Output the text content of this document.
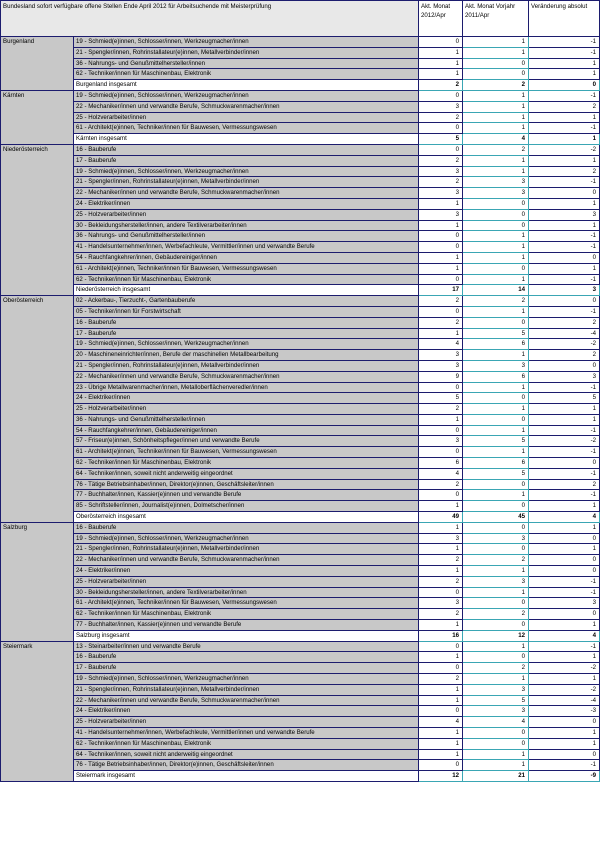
Bundesland sofort verfügbare offene Stellen Ende April 2012 für Arbeitsuchende mit Meisterprüfung		Akt. Monat 2012/Apr	Akt. Monat Vorjahr 2011/Apr	Veränderung absolut
Burgenland	19 - Schmied(e)innen, Schlosser/innen, Werkzeugmacher/innen	0	1	-1
	21 - Spengler/innen, Rohrinstallateur(e)innen, Metallverbinder/innen	1	1	-1
	36 - Nahrungs- und Genußmittelhersteller/innen	1	0	1
	62 - Techniker/innen für Maschinenbau, Elektronik	1	0	1
	Burgenland insgesamt	2	2	0
Kärnten	19 - Schmied(e)innen, Schlosser/innen, Werkzeugmacher/innen	0	1	-1
	22 - Mechaniker/innen und verwandte Berufe, Schmuckwarenmacher/innen	3	1	2
	25 - Holzverarbeiter/innen	2	1	1
	61 - Architekt(e)innen, Techniker/innen für Bauwesen, Vermessungswesen	0	1	-1
	Kärnten insgesamt	5	4	1
Niederösterreich	16 - Bauberufe	0	2	-2
	17 - Bauberufe	2	1	1
	19 - Schmied(e)innen, Schlosser/innen, Werkzeugmacher/innen	3	1	2
	21 - Spengler/innen, Rohrinstallateur(e)innen, Metallverbinder/innen	2	3	-1
	22 - Mechaniker/innen und verwandte Berufe, Schmuckwarenmacher/innen	3	3	0
	24 - Elektriker/innen	1	0	1
	25 - Holzverarbeiter/innen	3	0	3
	30 - Bekleidungshersteller/innen, andere Textilverarbeiter/innen	1	0	1
	36 - Nahrungs- und Genußmittelhersteller/innen	0	1	-1
	41 - Handelsunternehmer/innen, Werbefachleute, Vermittler/innen und verwandte Berufe	0	1	-1
	54 - Rauchfangkehrer/innen, Gebäudereiniger/innen	1	1	0
	61 - Architekt(e)innen, Techniker/innen für Bauwesen, Vermessungswesen	1	0	1
	62 - Techniker/innen für Maschinenbau, Elektronik	0	1	-1
	Niederösterreich insgesamt	17	14	3
Oberösterreich	02 - Ackerbau-, Tierzucht-, Gartenbauberufe	2	2	0
	05 - Techniker/innen für Forstwirtschaft	0	1	-1
	16 - Bauberufe	2	0	2
	17 - Bauberufe	1	5	-4
	19 - Schmied(e)innen, Schlosser/innen, Werkzeugmacher/innen	4	6	-2
	20 - Maschineneinrichter/innen, Berufe der maschinellen Metallbearbeitung	3	1	2
	21 - Spengler/innen, Rohrinstallateur(e)innen, Metallverbinder/innen	3	3	0
	22 - Mechaniker/innen und verwandte Berufe, Schmuckwarenmacher/innen	9	6	3
	23 - Übrige Metallwarenmacher/innen, Metalloberflächenveredler/innen	0	1	-1
	24 - Elektriker/innen	5	0	5
	25 - Holzverarbeiter/innen	2	1	1
	36 - Nahrungs- und Genußmittelhersteller/innen	1	0	1
	54 - Rauchfangkehrer/innen, Gebäudereiniger/innen	0	1	-1
	57 - Friseur(e)innen, Schönheitspfleger/innen und verwandte Berufe	3	5	-2
	61 - Architekt(e)innen, Techniker/innen für Bauwesen, Vermessungswesen	0	1	-1
	62 - Techniker/innen für Maschinenbau, Elektronik	6	6	0
	64 - Techniker/innen, soweit nicht anderweitig eingeordnet	4	5	-1
	76 - Tätige Betriebsinhaber/innen, Direktor(e)innen, Geschäftsleiter/innen	2	0	2
	77 - Buchhalter/innen, Kassier(e)innen und verwandte Berufe	0	1	-1
	85 - Schriftsteller/innen, Journalist(e)innen, Dolmetscher/innen	1	0	1
	Oberösterreich insgesamt	49	45	4
Salzburg	16 - Bauberufe	1	0	1
	19 - Schmied(e)innen, Schlosser/innen, Werkzeugmacher/innen	3	3	0
	21 - Spengler/innen, Rohrinstallateur(e)innen, Metallverbinder/innen	1	0	1
	22 - Mechaniker/innen und verwandte Berufe, Schmuckwarenmacher/innen	2	2	0
	24 - Elektriker/innen	1	1	0
	25 - Holzverarbeiter/innen	2	3	-1
	30 - Bekleidungshersteller/innen, andere Textilverarbeiter/innen	0	1	-1
	61 - Architekt(e)innen, Techniker/innen für Bauwesen, Vermessungswesen	3	0	3
	62 - Techniker/innen für Maschinenbau, Elektronik	2	2	0
	77 - Buchhalter/innen, Kassier(e)innen und verwandte Berufe	1	0	1
	Salzburg insgesamt	16	12	4
Steiermark	13 - Steinarbeiter/innen und verwandte Berufe	0	1	-1
	16 - Bauberufe	1	0	1
	17 - Bauberufe	0	2	-2
	19 - Schmied(e)innen, Schlosser/innen, Werkzeugmacher/innen	2	1	1
	21 - Spengler/innen, Rohrinstallateur(e)innen, Metallverbinder/innen	1	3	-2
	22 - Mechaniker/innen und verwandte Berufe, Schmuckwarenmacher/innen	1	5	-4
	24 - Elektriker/innen	0	3	-3
	25 - Holzverarbeiter/innen	4	4	0
	41 - Handelsunternehmer/innen, Werbefachleute, Vermittler/innen und verwandte Berufe	1	0	1
	62 - Techniker/innen für Maschinenbau, Elektronik	1	0	1
	64 - Techniker/innen, soweit nicht anderweitig eingeordnet	1	1	0
	76 - Tätige Betriebsinhaber/innen, Direktor(e)innen, Geschäftsleiter/innen	0	1	-1
	Steiermark insgesamt	12	21	-9
